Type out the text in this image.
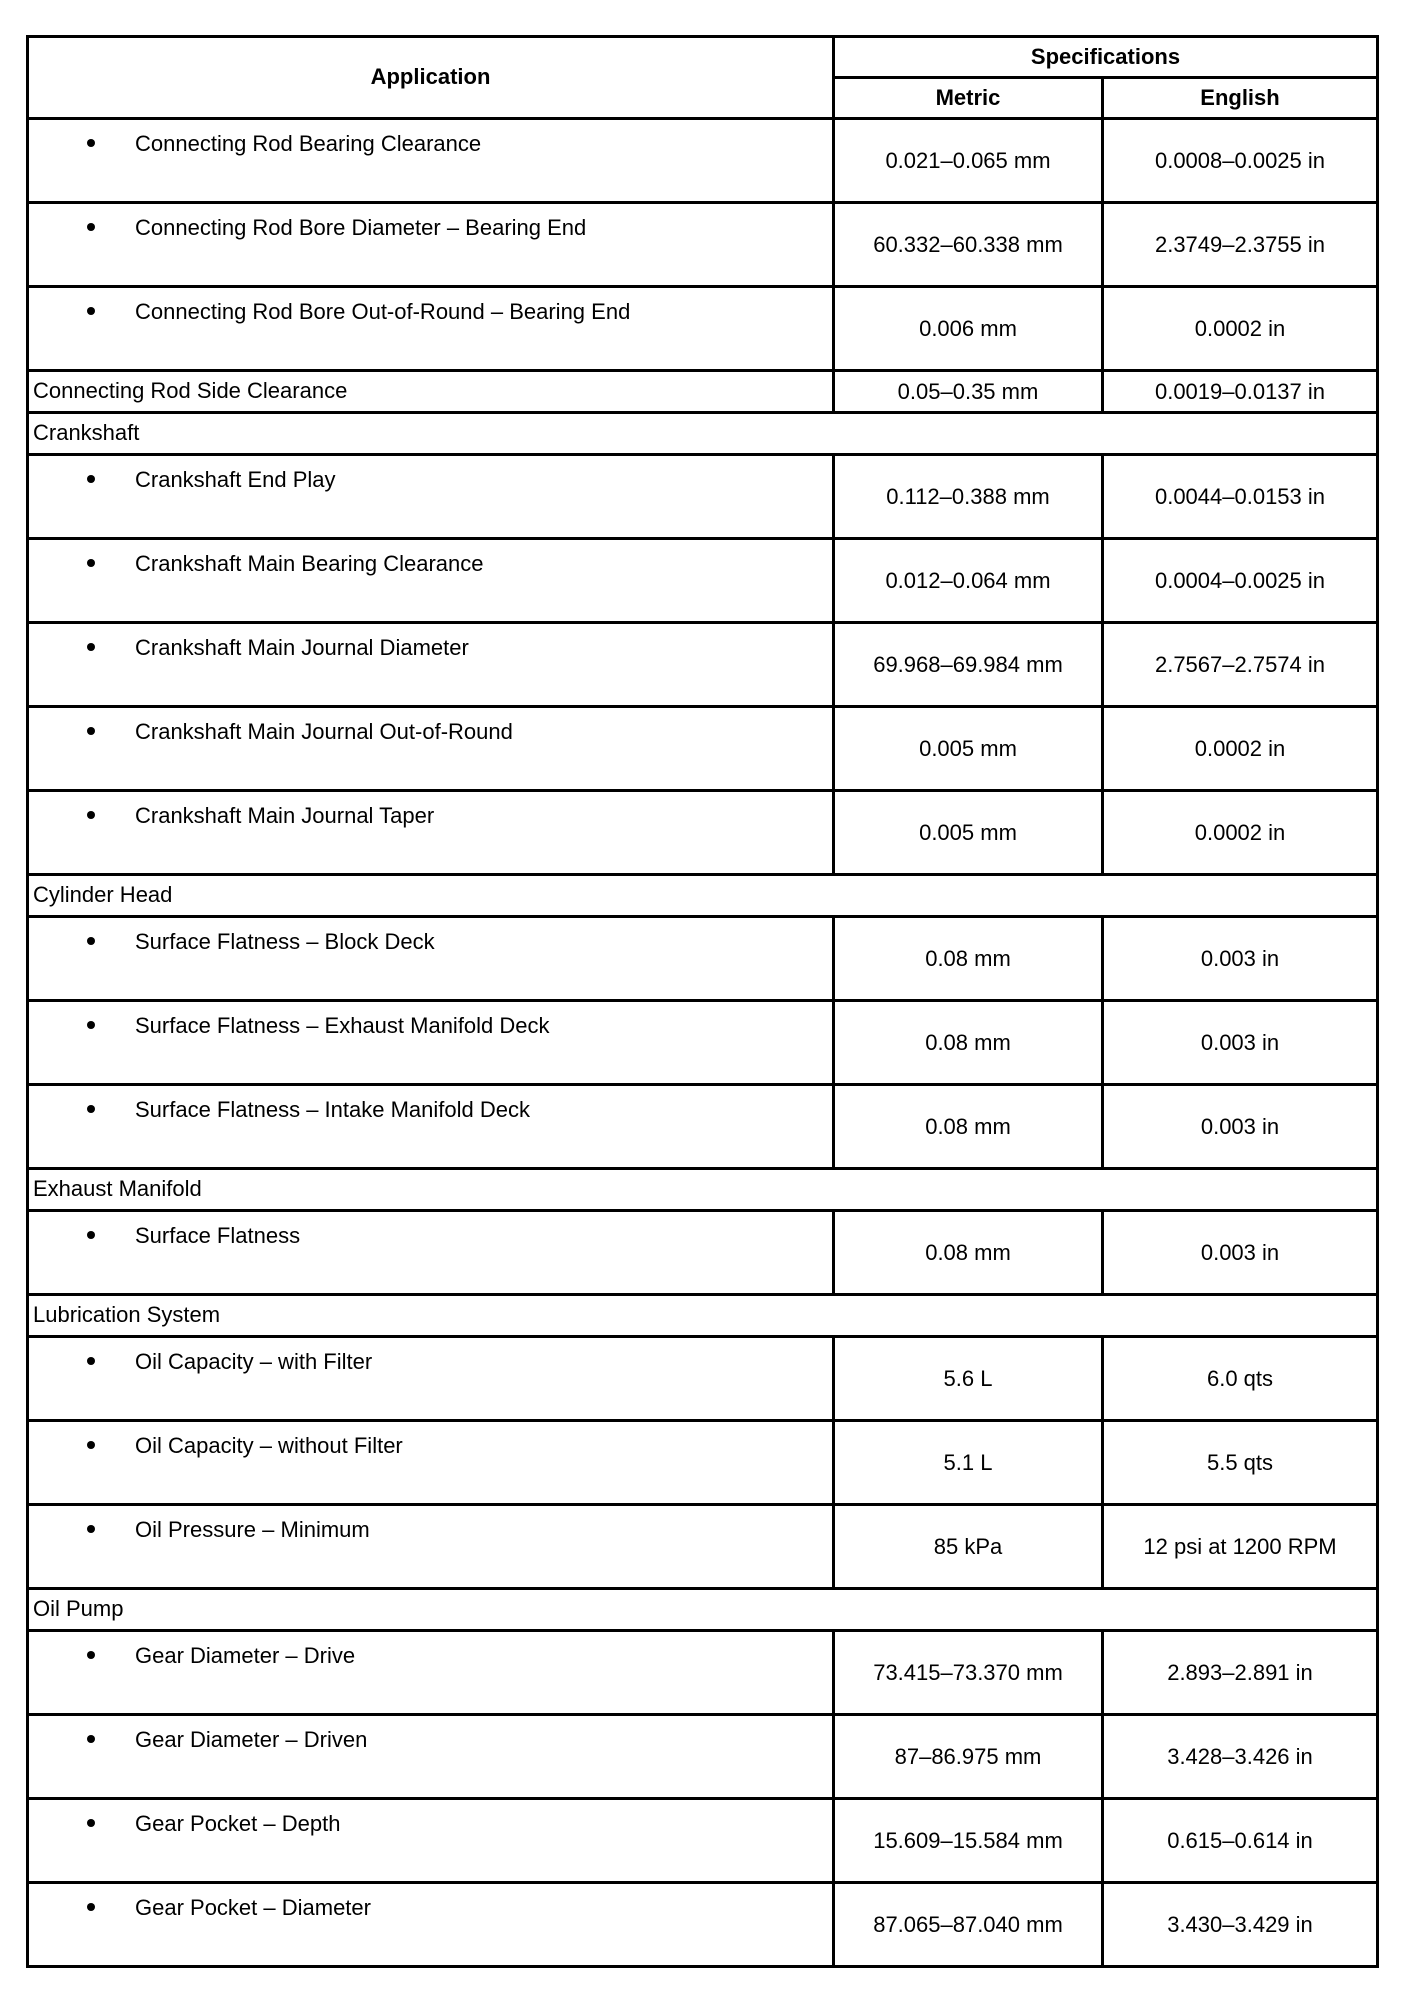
Application	Specifications	
	Metric	English
Connecting Rod Bearing Clearance	0.021–0.065 mm	0.0008–0.0025 in
Connecting Rod Bore Diameter – Bearing End	60.332–60.338 mm	2.3749–2.3755 in
Connecting Rod Bore Out-of-Round – Bearing End	0.006 mm	0.0002 in
Connecting Rod Side Clearance	0.05–0.35 mm	0.0019–0.0137 in
Crankshaft		
Crankshaft End Play	0.112–0.388 mm	0.0044–0.0153 in
Crankshaft Main Bearing Clearance	0.012–0.064 mm	0.0004–0.0025 in
Crankshaft Main Journal Diameter	69.968–69.984 mm	2.7567–2.7574 in
Crankshaft Main Journal Out-of-Round	0.005 mm	0.0002 in
Crankshaft Main Journal Taper	0.005 mm	0.0002 in
Cylinder Head		
Surface Flatness – Block Deck	0.08 mm	0.003 in
Surface Flatness – Exhaust Manifold Deck	0.08 mm	0.003 in
Surface Flatness – Intake Manifold Deck	0.08 mm	0.003 in
Exhaust Manifold		
Surface Flatness	0.08 mm	0.003 in
Lubrication System		
Oil Capacity – with Filter	5.6 L	6.0 qts
Oil Capacity – without Filter	5.1 L	5.5 qts
Oil Pressure – Minimum	85 kPa	12 psi at 1200 RPM
Oil Pump		
Gear Diameter – Drive	73.415–73.370 mm	2.893–2.891 in
Gear Diameter – Driven	87–86.975 mm	3.428–3.426 in
Gear Pocket – Depth	15.609–15.584 mm	0.615–0.614 in
Gear Pocket – Diameter	87.065–87.040 mm	3.430–3.429 in
